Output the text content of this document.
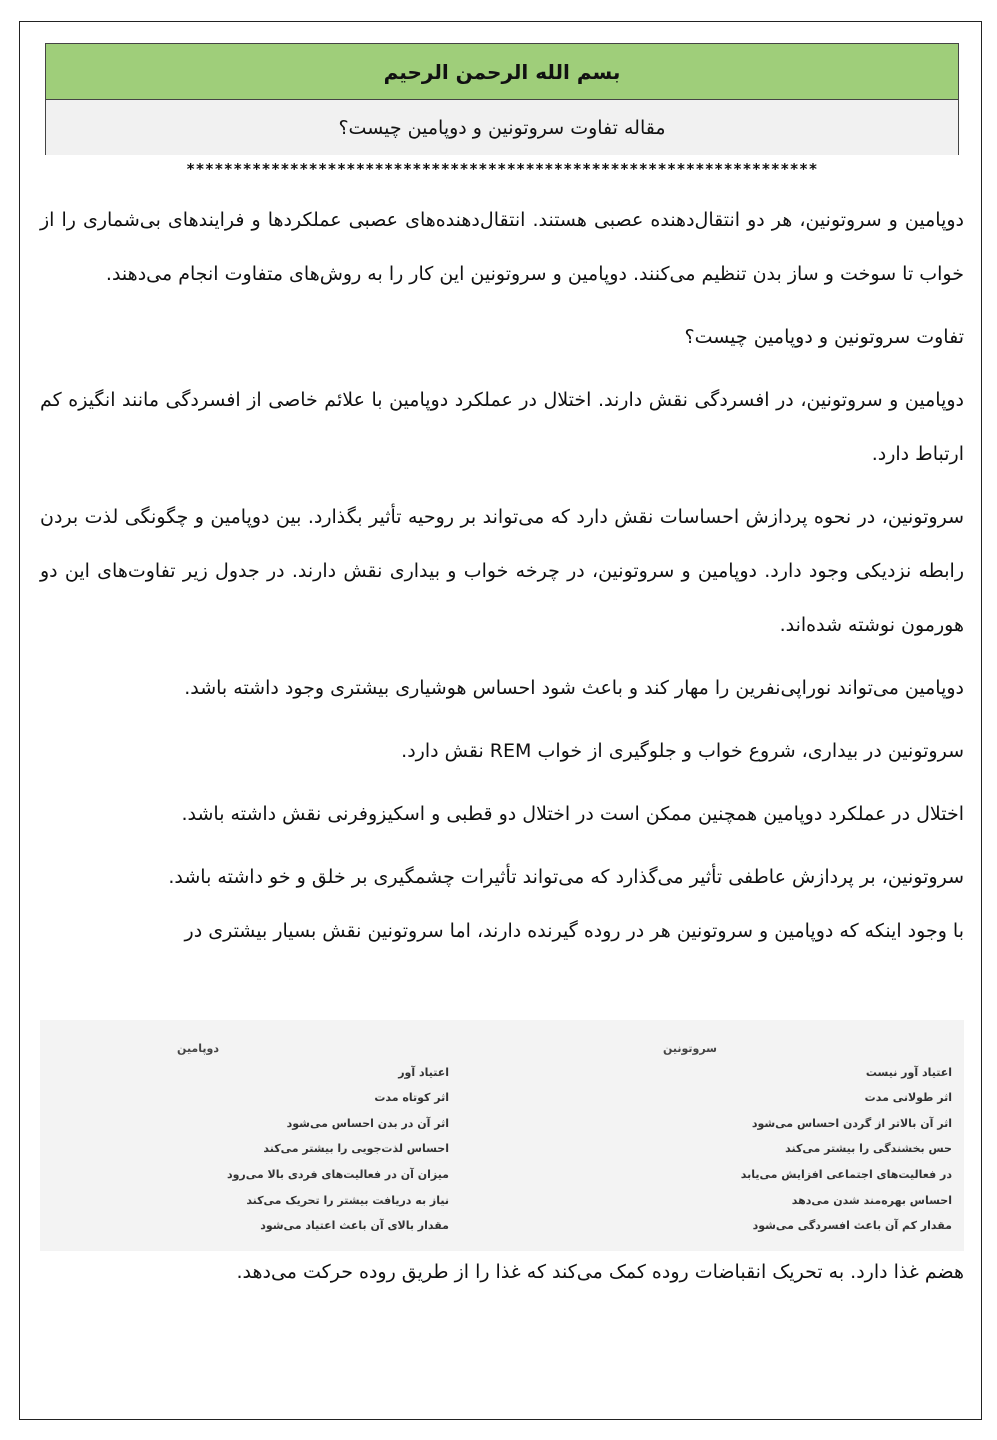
بسم الله الرحمن الرحیم
مقاله تفاوت سروتونین و دوپامین چیست؟
*******************************************************************

دوپامین و سروتونین، هر دو انتقال‌دهنده عصبی هستند. انتقال‌دهنده‌های عصبی عملکردها و فرایندهای بی‌شماری را از خواب تا سوخت و ساز بدن تنظیم می‌کنند. دوپامین و سروتونین این کار را به روش‌های متفاوت انجام می‌دهند.

تفاوت سروتونین و دوپامین چیست؟

دوپامین و سروتونین، در افسردگی نقش دارند. اختلال در عملکرد دوپامین با علائم خاصی از افسردگی مانند انگیزه کم ارتباط دارد.

سروتونین، در نحوه پردازش احساسات نقش دارد که می‌تواند بر روحیه تأثیر بگذارد. بین دوپامین و چگونگی لذت بردن رابطه نزدیکی وجود دارد. دوپامین و سروتونین، در چرخه خواب و بیداری نقش دارند. در جدول زیر تفاوت‌های این دو هورمون نوشته شده‌اند.

دوپامین می‌تواند نوراپی‌نفرین را مهار کند و باعث شود احساس هوشیاری بیشتری وجود داشته باشد.

سروتونین در بیداری، شروع خواب و جلوگیری از خواب REM نقش دارد.

اختلال در عملکرد دوپامین همچنین ممکن است در اختلال دو قطبی و اسکیزوفرنی نقش داشته باشد.

سروتونین، بر پردازش عاطفی تأثیر می‌گذارد که می‌تواند تأثیرات چشمگیری بر خلق و خو داشته باشد.

با وجود اینکه که دوپامین و سروتونین هر در روده گیرنده دارند، اما سروتونین نقش بسیار بیشتری در

سروتونین
اعتیاد آور نیست
اثر طولانی مدت
اثر آن بالاتر از گردن احساس می‌شود
حس بخشندگی را بیشتر می‌کند
در فعالیت‌های اجتماعی افزایش می‌یابد
احساس بهره‌مند شدن می‌دهد
مقدار کم آن باعث افسردگی می‌شود
دوپامین
اعتیاد آور
اثر کوتاه مدت
اثر آن در بدن احساس می‌شود
احساس لذت‌جویی را بیشتر می‌کند
میزان آن در فعالیت‌های فردی بالا می‌رود
نیاز به دریافت بیشتر را تحریک می‌کند
مقدار بالای آن باعث اعتیاد می‌شود
هضم غذا دارد. به تحریک انقباضات روده کمک می‌کند که غذا را از طریق روده حرکت می‌دهد.
